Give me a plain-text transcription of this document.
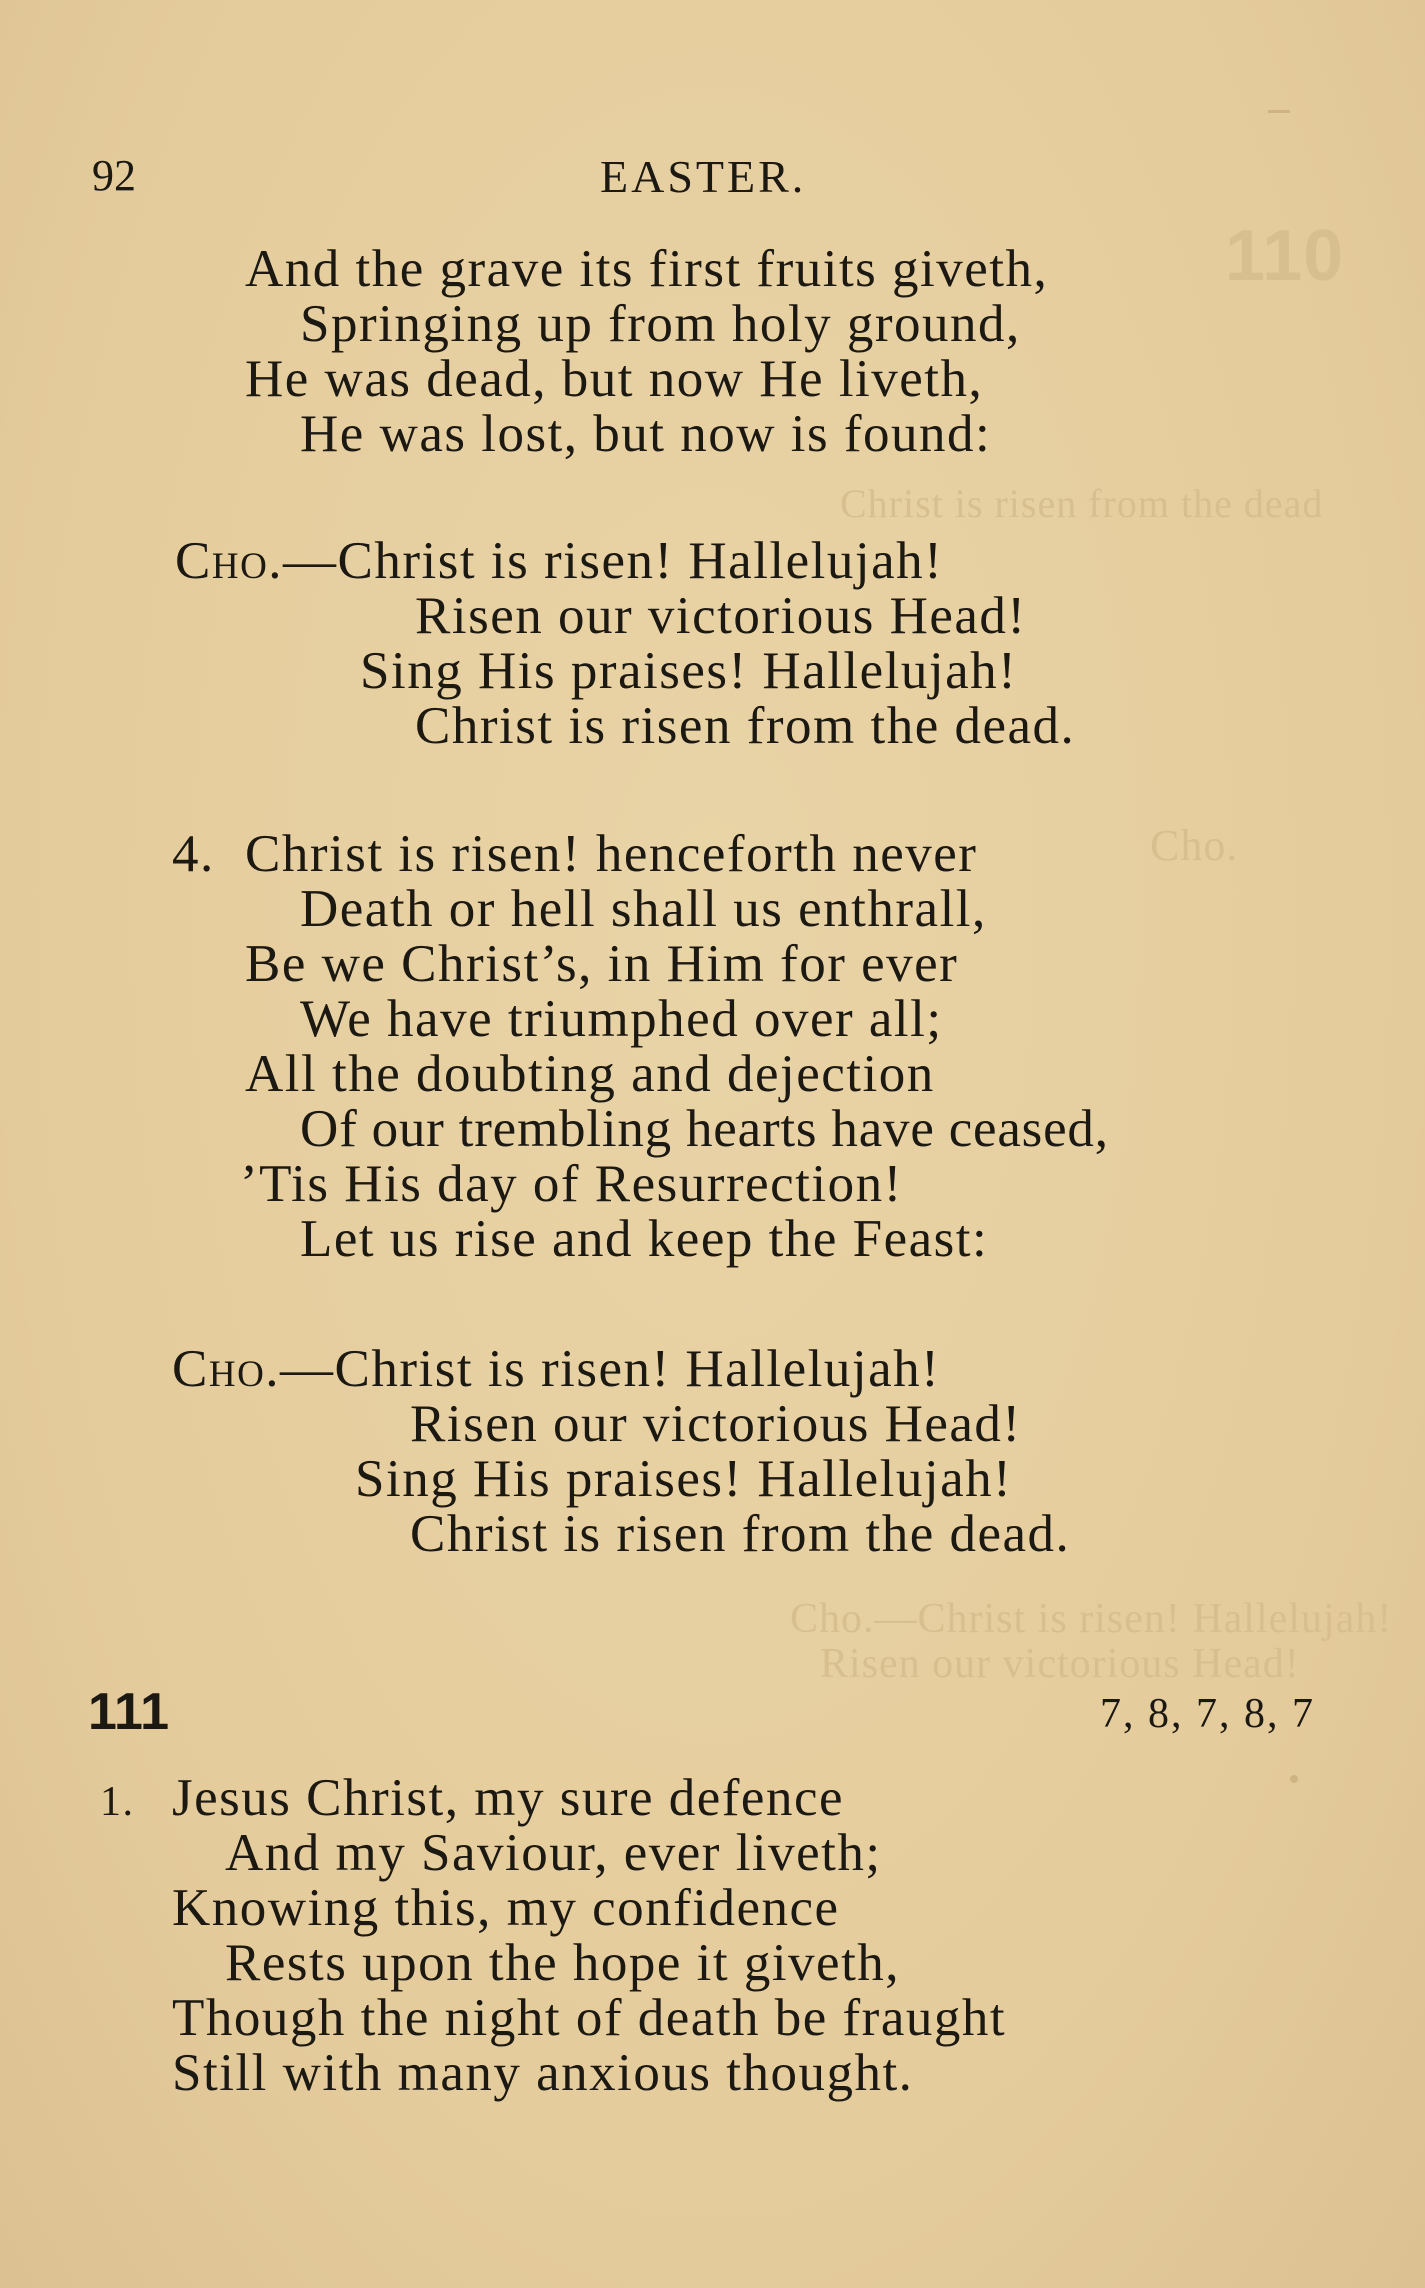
110
Christ is risen from the dead
Cho.
Cho.—Christ is risen! Hallelujah!
Risen our victorious Head!
92	EASTER.
And the grave its first fruits giveth,
Springing up from holy ground,
He was dead, but now He liveth,
He was lost, but now is found:
Cho.—Christ is risen! Hallelujah!
Risen our victorious Head!
Sing His praises! Hallelujah!
Christ is risen from the dead.
4. Christ is risen! henceforth never
Death or hell shall us enthrall,
Be we Christ’s, in Him for ever
We have triumphed over all;
All the doubting and dejection
Of our trembling hearts have ceased,
’Tis His day of Resurrection!
Let us rise and keep the Feast:
Cho.—Christ is risen! Hallelujah!
Risen our victorious Head!
Sing His praises! Hallelujah!
Christ is risen from the dead.
111	7, 8, 7, 8, 7
1. Jesus Christ, my sure defence
And my Saviour, ever liveth;
Knowing this, my confidence
Rests upon the hope it giveth,
Though the night of death be fraught
Still with many anxious thought.
